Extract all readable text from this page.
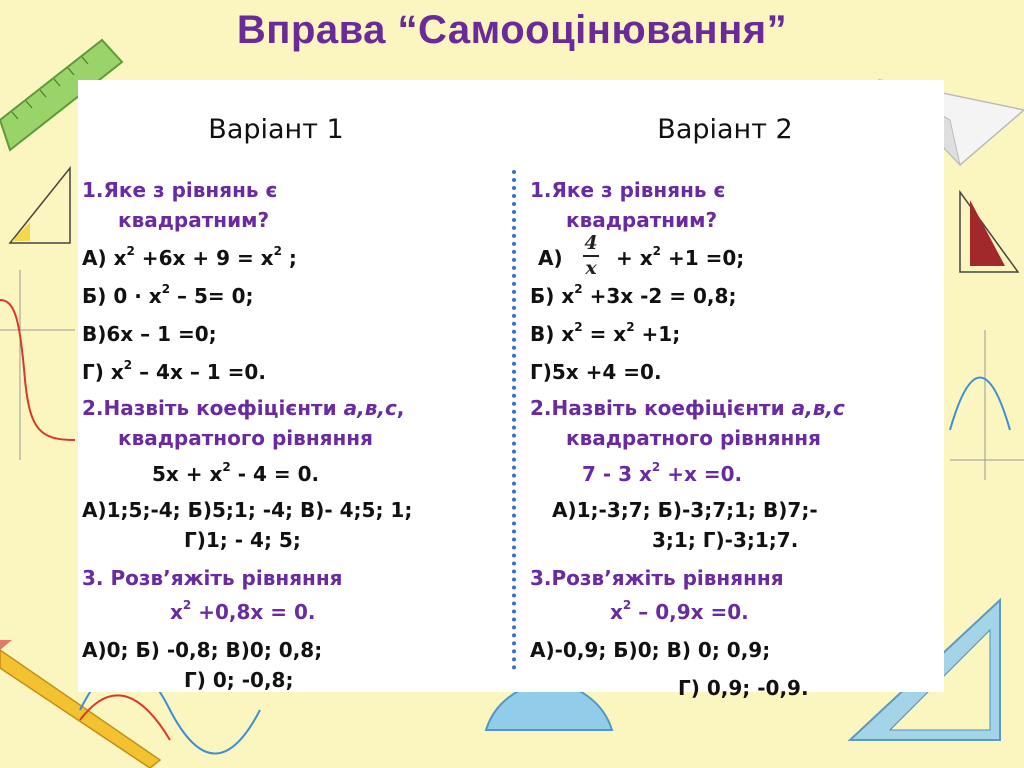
Вправа “Самооцінювання”
Варіант 1
1.Яке з рівнянь є
квадратним?
А) $х^2 +6х + 9 = х^2$ ;
Б) $0 \cdot х^2 - 5= 0$;
В)6х – 1 =0;
Г) $х^2 - 4х - 1 =0$.
2.Назвіть коефіцієнти а,в,с,
квадратного рівняння
$5х + х^2 - 4 = 0$.
А)1;5;-4; Б)5;1; -4; В)- 4;5; 1;
Г)1; - 4; 5;
3. Розв’яжіть рівняння
$х^2 +0,8х = 0$.
А)0; Б) -0,8; В)0; 0,8;
Г) 0; -0,8;
Варіант 2
1.Яке з рівнянь є
квадратним?
А)
4
$x + х^2 +1 =0$;
Б) $х^2 +3х$ -2 = 0,8;
В) $х^2 = х^2 +1$;
Г)5х +4 =0.
2.Назвіть коефіцієнти а,в,с
квадратного рівняння
7 - 3 $х^2 +х =0$.
А)1;-3;7; Б)-3;7;1; В)7;-
3;1; Г)-3;1;7.
3.Розв’яжіть рівняння
$х^2 - 0,9х =0$.
А)-0,9; Б)0; В) 0; 0,9;
Г) 0,9; -0,9.
